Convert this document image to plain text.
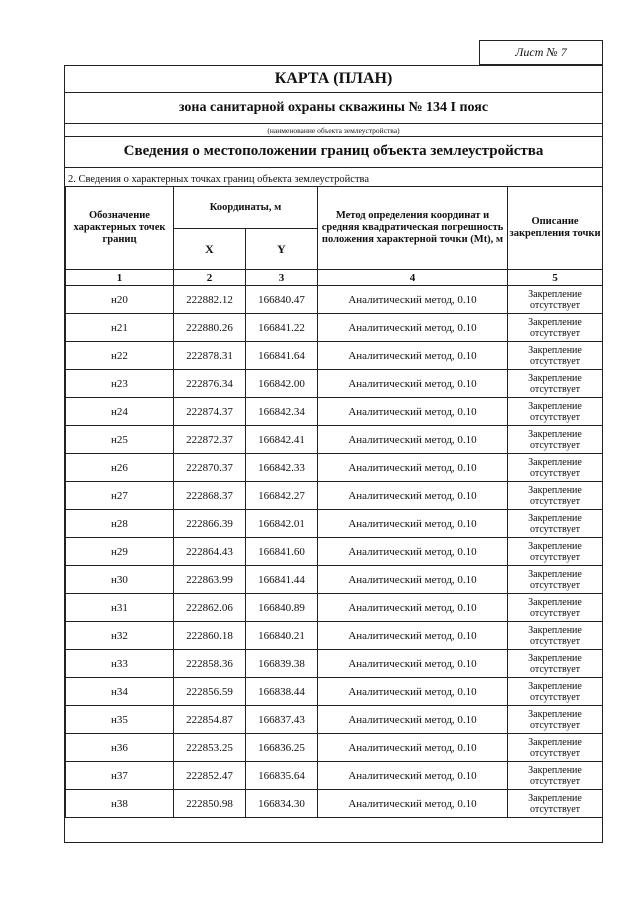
Лист № 7
КАРТА (ПЛАН)
зона санитарной охраны скважины № 134 I пояс
(наименование объекта землеустройства)
Сведения о местоположении границ объекта землеустройства
2. Сведения о характерных точках границ объекта землеустройства
Обозначение характерных точек границ	Координаты, м		Метод определения координат и средняя квадратическая погрешность положения характерной точки (Mt), м	Описание закрепления точки
	X	Y		
1	2	3	4	5
н20	222882.12	166840.47	Аналитический метод, 0.10	Закрепление отсутствует
н21	222880.26	166841.22	Аналитический метод, 0.10	Закрепление отсутствует
н22	222878.31	166841.64	Аналитический метод, 0.10	Закрепление отсутствует
н23	222876.34	166842.00	Аналитический метод, 0.10	Закрепление отсутствует
н24	222874.37	166842.34	Аналитический метод, 0.10	Закрепление отсутствует
н25	222872.37	166842.41	Аналитический метод, 0.10	Закрепление отсутствует
н26	222870.37	166842.33	Аналитический метод, 0.10	Закрепление отсутствует
н27	222868.37	166842.27	Аналитический метод, 0.10	Закрепление отсутствует
н28	222866.39	166842.01	Аналитический метод, 0.10	Закрепление отсутствует
н29	222864.43	166841.60	Аналитический метод, 0.10	Закрепление отсутствует
н30	222863.99	166841.44	Аналитический метод, 0.10	Закрепление отсутствует
н31	222862.06	166840.89	Аналитический метод, 0.10	Закрепление отсутствует
н32	222860.18	166840.21	Аналитический метод, 0.10	Закрепление отсутствует
н33	222858.36	166839.38	Аналитический метод, 0.10	Закрепление отсутствует
н34	222856.59	166838.44	Аналитический метод, 0.10	Закрепление отсутствует
н35	222854.87	166837.43	Аналитический метод, 0.10	Закрепление отсутствует
н36	222853.25	166836.25	Аналитический метод, 0.10	Закрепление отсутствует
н37	222852.47	166835.64	Аналитический метод, 0.10	Закрепление отсутствует
н38	222850.98	166834.30	Аналитический метод, 0.10	Закрепление отсутствует
